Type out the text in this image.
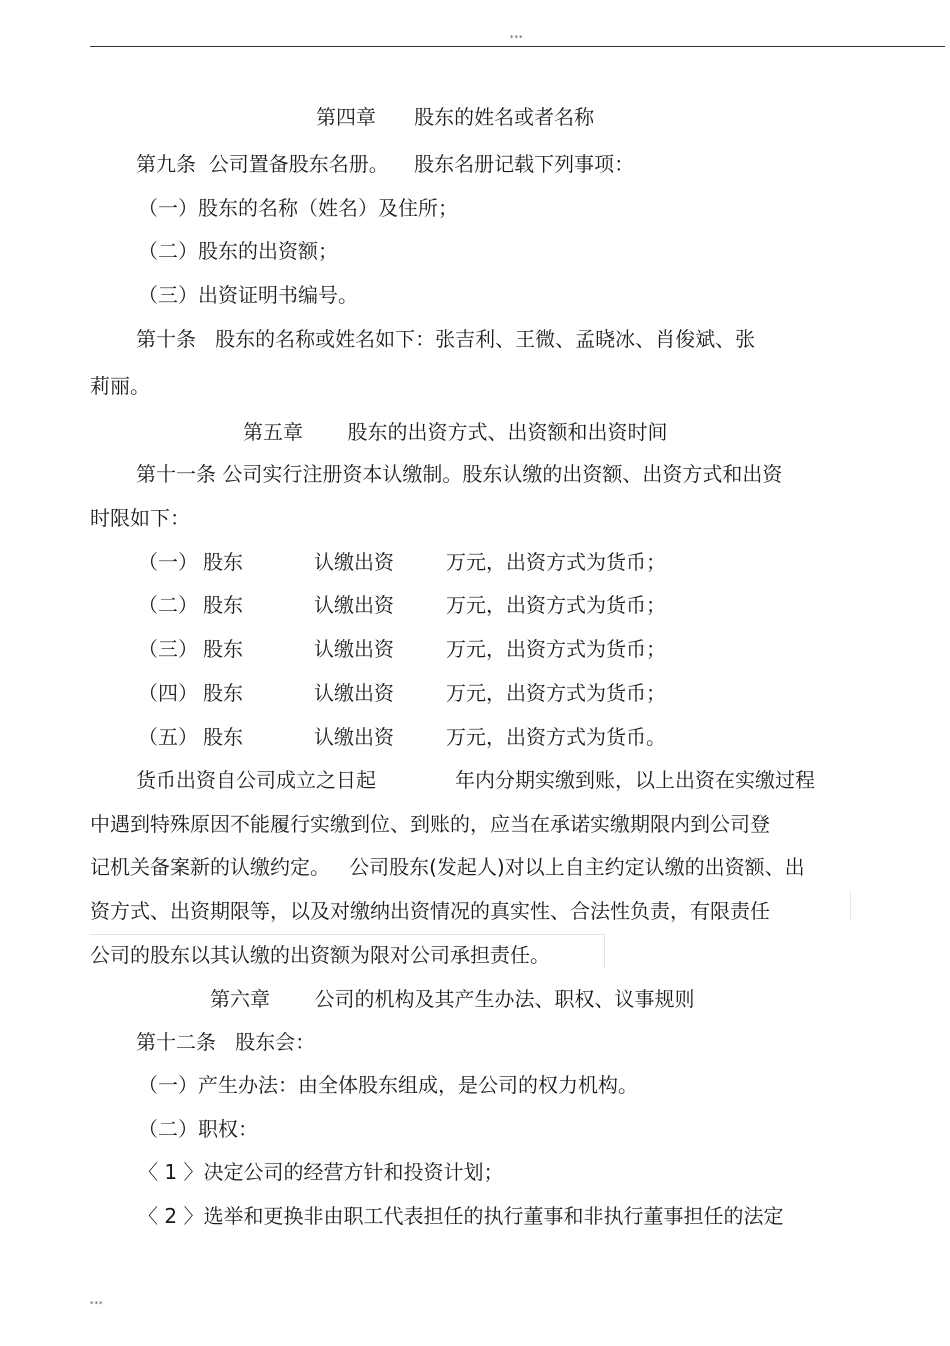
***
第四章      股东的姓名或者名称
第九条  公司置备股东名册。    股东名册记载下列事项：
（一）股东的名称（姓名）及住所；
（二）股东的出资额；
（三）出资证明书编号。
第十条   股东的名称或姓名如下：张吉利、王微、孟晓冰、肖俊斌、张
莉丽。
第五章       股东的出资方式、出资额和出资时间
第十一条 公司实行注册资本认缴制。股东认缴的出资额、出资方式和出资
时限如下：
（一） 股东	认缴出资	万元，出资方式为货币；
（二） 股东	认缴出资	万元，出资方式为货币；
（三） 股东	认缴出资	万元，出资方式为货币；
（四） 股东	认缴出资	万元，出资方式为货币；
（五） 股东	认缴出资	万元，出资方式为货币。
货币出资自公司成立之日起	年内分期实缴到账，以上出资在实缴过程
中遇到特殊原因不能履行实缴到位、到账的，应当在承诺实缴期限内到公司登
记机关备案新的认缴约定。   公司股东(发起人)对以上自主约定认缴的出资额、出
资方式、出资期限等，以及对缴纳出资情况的真实性、合法性负责，有限责任
公司的股东以其认缴的出资额为限对公司承担责任。
第六章       公司的机构及其产生办法、职权、议事规则
第十二条   股东会：
（一）产生办法：由全体股东组成，是公司的权力机构。
（二）职权：
〈 1 〉决定公司的经营方针和投资计划；
〈 2 〉选举和更换非由职工代表担任的执行董事和非执行董事担任的法定
***
